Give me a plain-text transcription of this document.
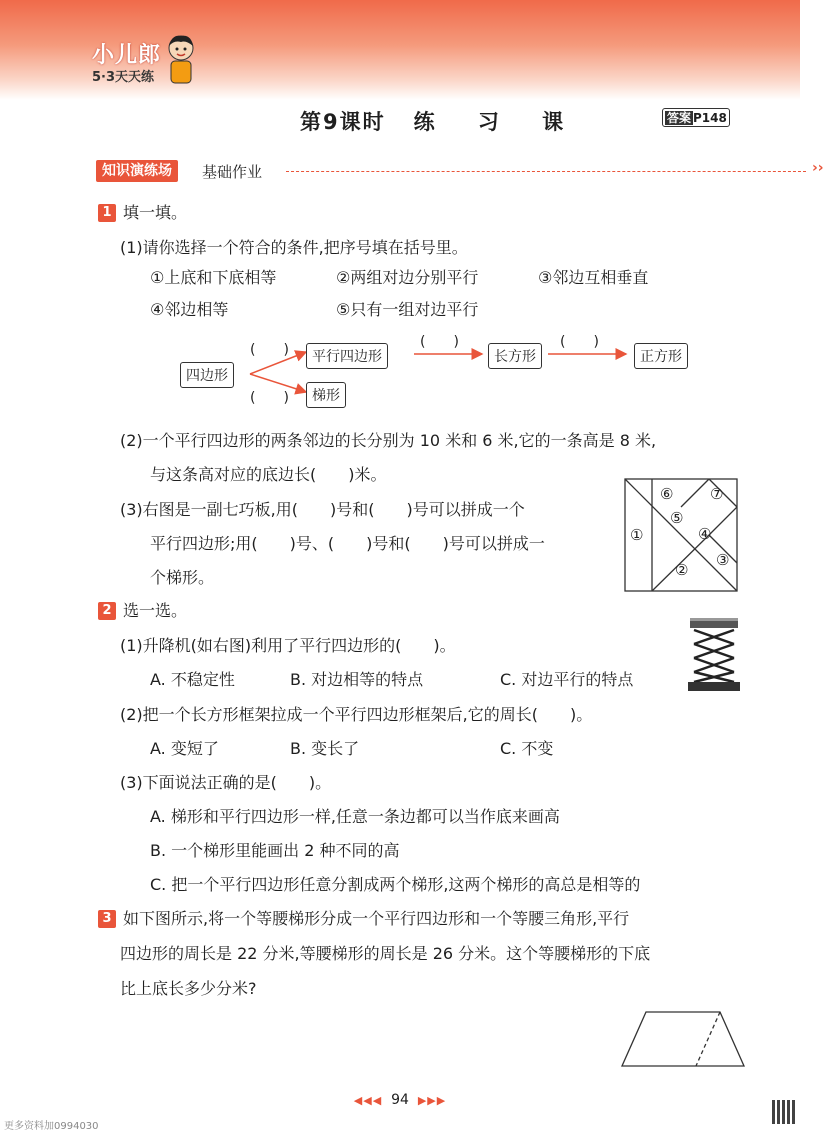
小儿郎
5·3天天练
第9课时 练 习 课	答案 P148
知识演练场	基础作业	››
1 填一填。
(1)请你选择一个符合的条件,把序号填在括号里。
①上底和下底相等	②两组对边分别平行	③邻边互相垂直
④邻边相等	⑤只有一组对边平行
四边形
平行四边形	长方形	正方形
梯形
(　　)
(　　)
(　　)	(　　)
(2)一个平行四边形的两条邻边的长分别为 10 米和 6 米,它的一条高是 8 米,
与这条高对应的底边长(　　)米。
(3)右图是一副七巧板,用(　　)号和(　　)号可以拼成一个
平行四边形;用(　　)号、(　　)号和(　　)号可以拼成一
个梯形。
①
②
③
④
⑤
⑥ ⑦
2 选一选。
(1)升降机(如右图)利用了平行四边形的(　　)。
A. 不稳定性	B. 对边相等的特点	C. 对边平行的特点
(2)把一个长方形框架拉成一个平行四边形框架后,它的周长(　　)。
A. 变短了	B. 变长了	C. 不变
(3)下面说法正确的是(　　)。
A. 梯形和平行四边形一样,任意一条边都可以当作底来画高
B. 一个梯形里能画出 2 种不同的高
C. 把一个平行四边形任意分割成两个梯形,这两个梯形的高总是相等的
3 如下图所示,将一个等腰梯形分成一个平行四边形和一个等腰三角形,平行
四边形的周长是 22 分米,等腰梯形的周长是 26 分米。这个等腰梯形的下底
比上底长多少分米?
◀◀◀ 94 ▶▶▶
更多资料加0994030
